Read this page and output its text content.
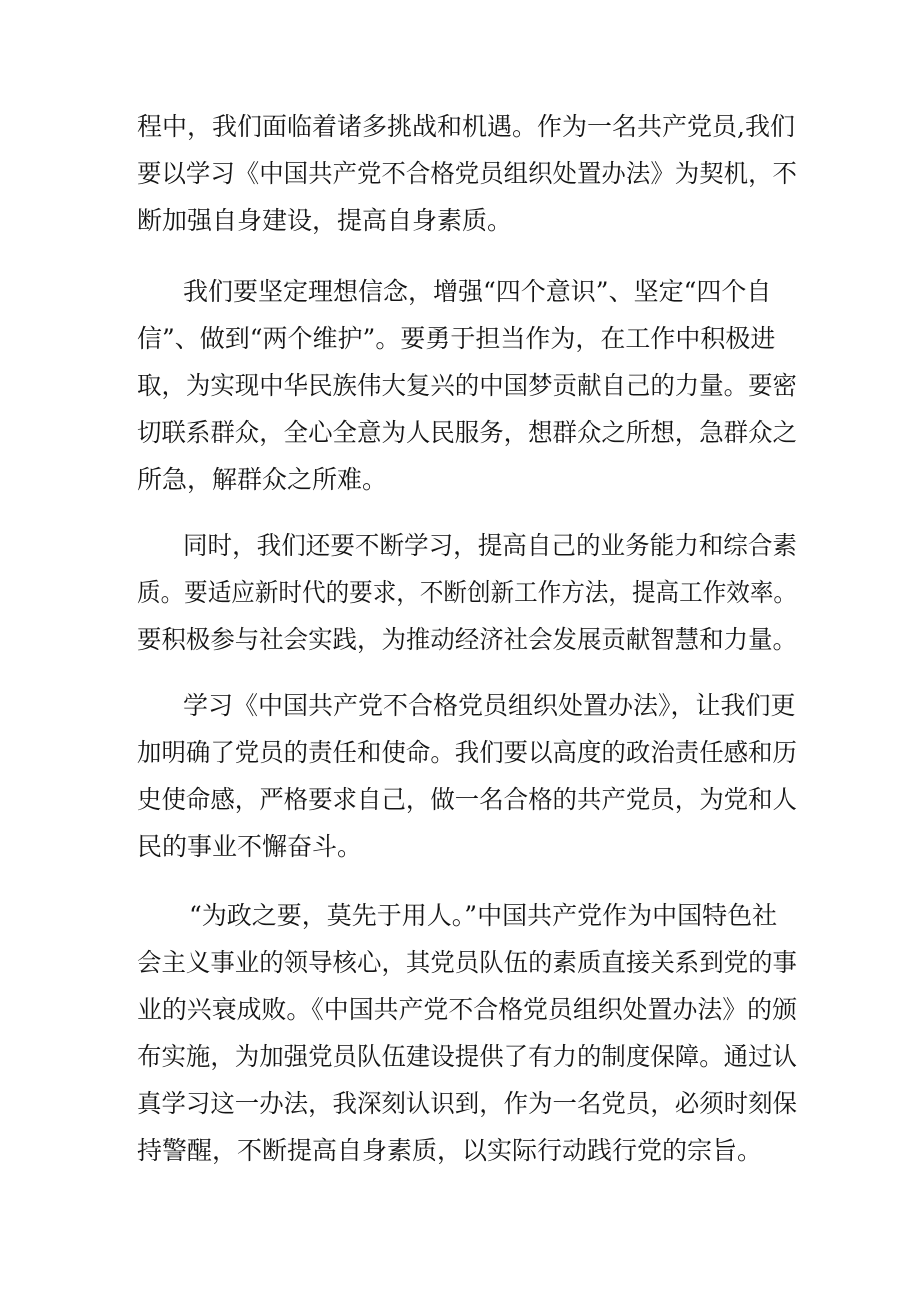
程中，我们面临着诸多挑战和机遇。作为一名共产党员,我们
要以学习《中国共产党不合格党员组织处置办法》为契机，不
断加强自身建设，提高自身素质。
我们要坚定理想信念，增强“四个意识”、坚定“四个自
信”、做到“两个维护”。要勇于担当作为，在工作中积极进
取，为实现中华民族伟大复兴的中国梦贡献自己的力量。要密
切联系群众，全心全意为人民服务，想群众之所想，急群众之
所急，解群众之所难。
同时，我们还要不断学习，提高自己的业务能力和综合素
质。要适应新时代的要求，不断创新工作方法，提高工作效率。
要积极参与社会实践，为推动经济社会发展贡献智慧和力量。
学习《中国共产党不合格党员组织处置办法》，让我们更
加明确了党员的责任和使命。我们要以高度的政治责任感和历
史使命感，严格要求自己，做一名合格的共产党员，为党和人
民的事业不懈奋斗。
“为政之要，莫先于用人。”中国共产党作为中国特色社
会主义事业的领导核心，其党员队伍的素质直接关系到党的事
业的兴衰成败。《中国共产党不合格党员组织处置办法》的颁
布实施，为加强党员队伍建设提供了有力的制度保障。通过认
真学习这一办法，我深刻认识到，作为一名党员，必须时刻保
持警醒，不断提高自身素质，以实际行动践行党的宗旨。
